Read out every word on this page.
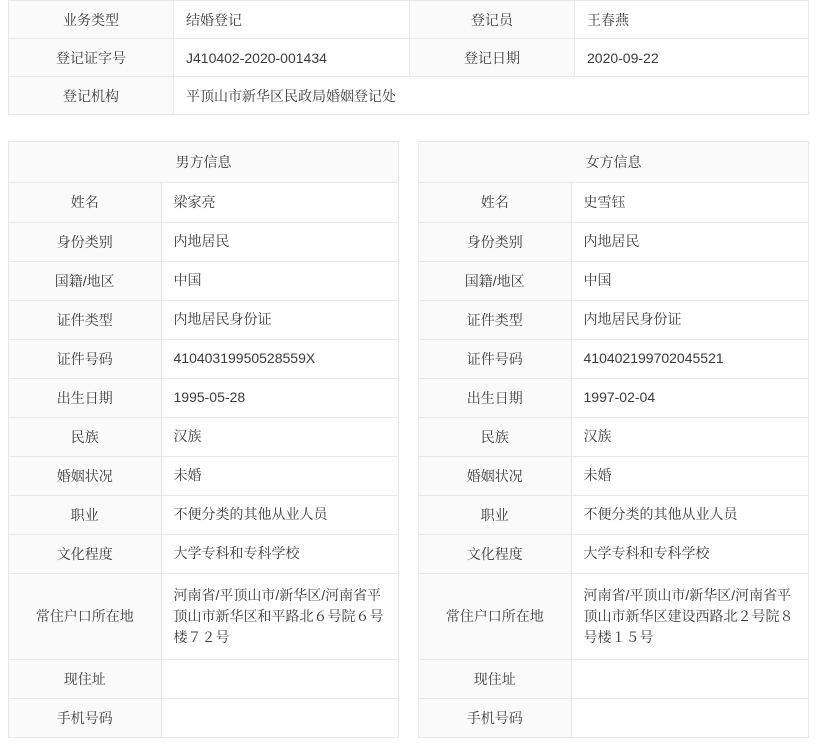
业务类型	结婚登记	登记员	王春燕
登记证字号	J410402-2020-001434	登记日期	2020-09-22
登记机构	平顶山市新华区民政局婚姻登记处		
男方信息
姓名	梁家亮
身份类别	内地居民
国籍/地区	中国
证件类型	内地居民身份证
证件号码	41040319950528559X
出生日期	1995-05-28
民族	汉族
婚姻状况	未婚
职业	不便分类的其他从业人员
文化程度	大学专科和专科学校
常住户口所在地	河南省/平顶山市/新华区/河南省平顶山市新华区和平路北６号院６号楼７２号
现住址	
手机号码	
女方信息
姓名	史雪钰
身份类别	内地居民
国籍/地区	中国
证件类型	内地居民身份证
证件号码	410402199702045521
出生日期	1997-02-04
民族	汉族
婚姻状况	未婚
职业	不便分类的其他从业人员
文化程度	大学专科和专科学校
常住户口所在地	河南省/平顶山市/新华区/河南省平顶山市新华区建设西路北２号院８号楼１５号
现住址	
手机号码	
